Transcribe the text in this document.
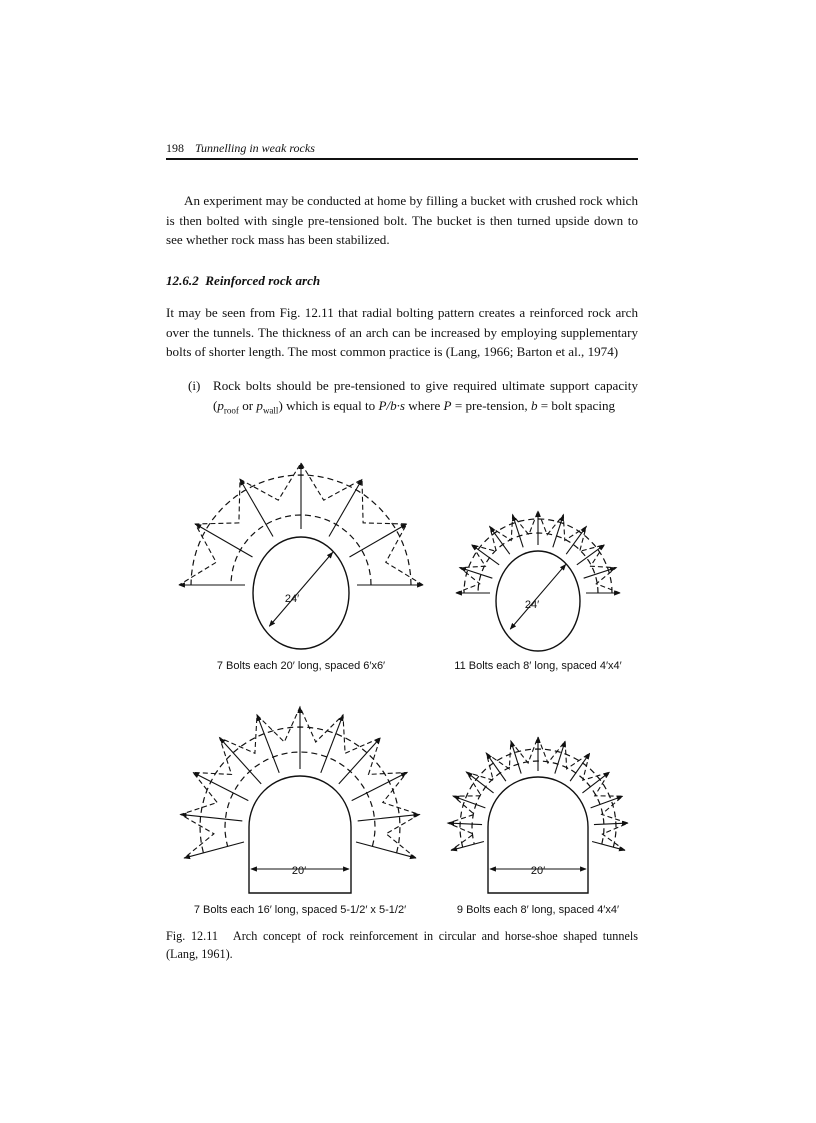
198 Tunnelling in weak rocks
An experiment may be conducted at home by filling a bucket with crushed rock which is then bolted with single pre-tensioned bolt. The bucket is then turned upside down to see whether rock mass has been stabilized.
12.6.2 Reinforced rock arch
It may be seen from Fig. 12.11 that radial bolting pattern creates a reinforced rock arch over the tunnels. The thickness of an arch can be increased by employing supplementary bolts of shorter length. The most common practice is (Lang, 1966; Barton et al., 1974)
(i) Rock bolts should be pre-tensioned to give required ultimate support capacity ($p_{roof}$ or $p_{wall}$) which is equal to P/b·s where P = pre-tension, b = bolt spacing
24′	24′
20′	20′
7 Bolts each 20′ long, spaced 6′x6′	11 Bolts each 8′ long, spaced 4′x4′
7 Bolts each 16′ long, spaced 5-1/2′ x 5-1/2′	9 Bolts each 8′ long, spaced 4′x4′
Fig. 12.11 Arch concept of rock reinforcement in circular and horse-shoe shaped tunnels (Lang, 1961).
